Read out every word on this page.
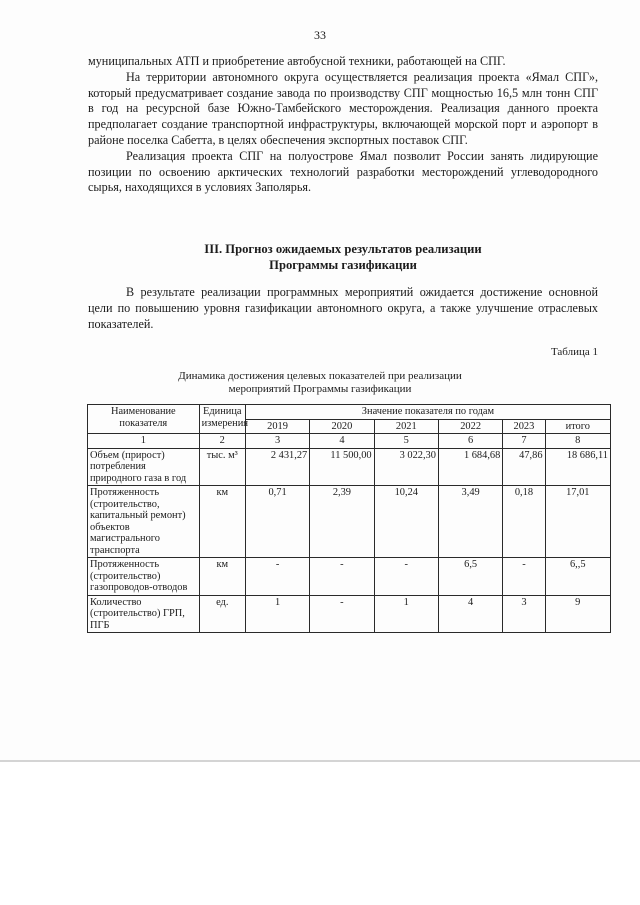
33

муниципальных АТП и приобретение автобусной техники, работающей на СПГ.

На территории автономного округа осуществляется реализация проекта «Ямал СПГ», который предусматривает создание завода по производству СПГ мощностью 16,5 млн тонн СПГ в год на ресурсной базе Южно-Тамбейского месторождения. Реализация данного проекта предполагает создание транспортной инфраструктуры, включающей морской порт и аэропорт в районе поселка Сабетта, в целях обеспечения экспортных поставок СПГ.

Реализация проекта СПГ на полуострове Ямал позволит России занять лидирующие позиции по освоению арктических технологий разработки месторождений углеводородного сырья, находящихся в условиях Заполярья.

III. Прогноз ожидаемых результатов реализации
Программы газификации

В результате реализации программных мероприятий ожидается достижение основной цели по повышению уровня газификации автономного округа, а также улучшение отраслевых показателей.

Таблица 1
Динамика достижения целевых показателей при реализации
мероприятий Программы газификации
Наименование показателя	Единица измерения	Значение показателя по годам					
		2019	2020	2021	2022	2023	итого
1	2	3	4	5	6	7	8
Объем (прирост) потребления природного газа в год	тыс. м³	2 431,27	11 500,00	3 022,30	1 684,68	47,86	18 686,11
Протяженность (строительство, капитальный ремонт) объектов магистрального транспорта	км	0,71	2,39	10,24	3,49	0,18	17,01
Протяженность (строительство) газопроводов-отводов	км	-	-	-	6,5	-	6,,5
Количество (строительство) ГРП, ПГБ	ед.	1	-	1	4	3	9
